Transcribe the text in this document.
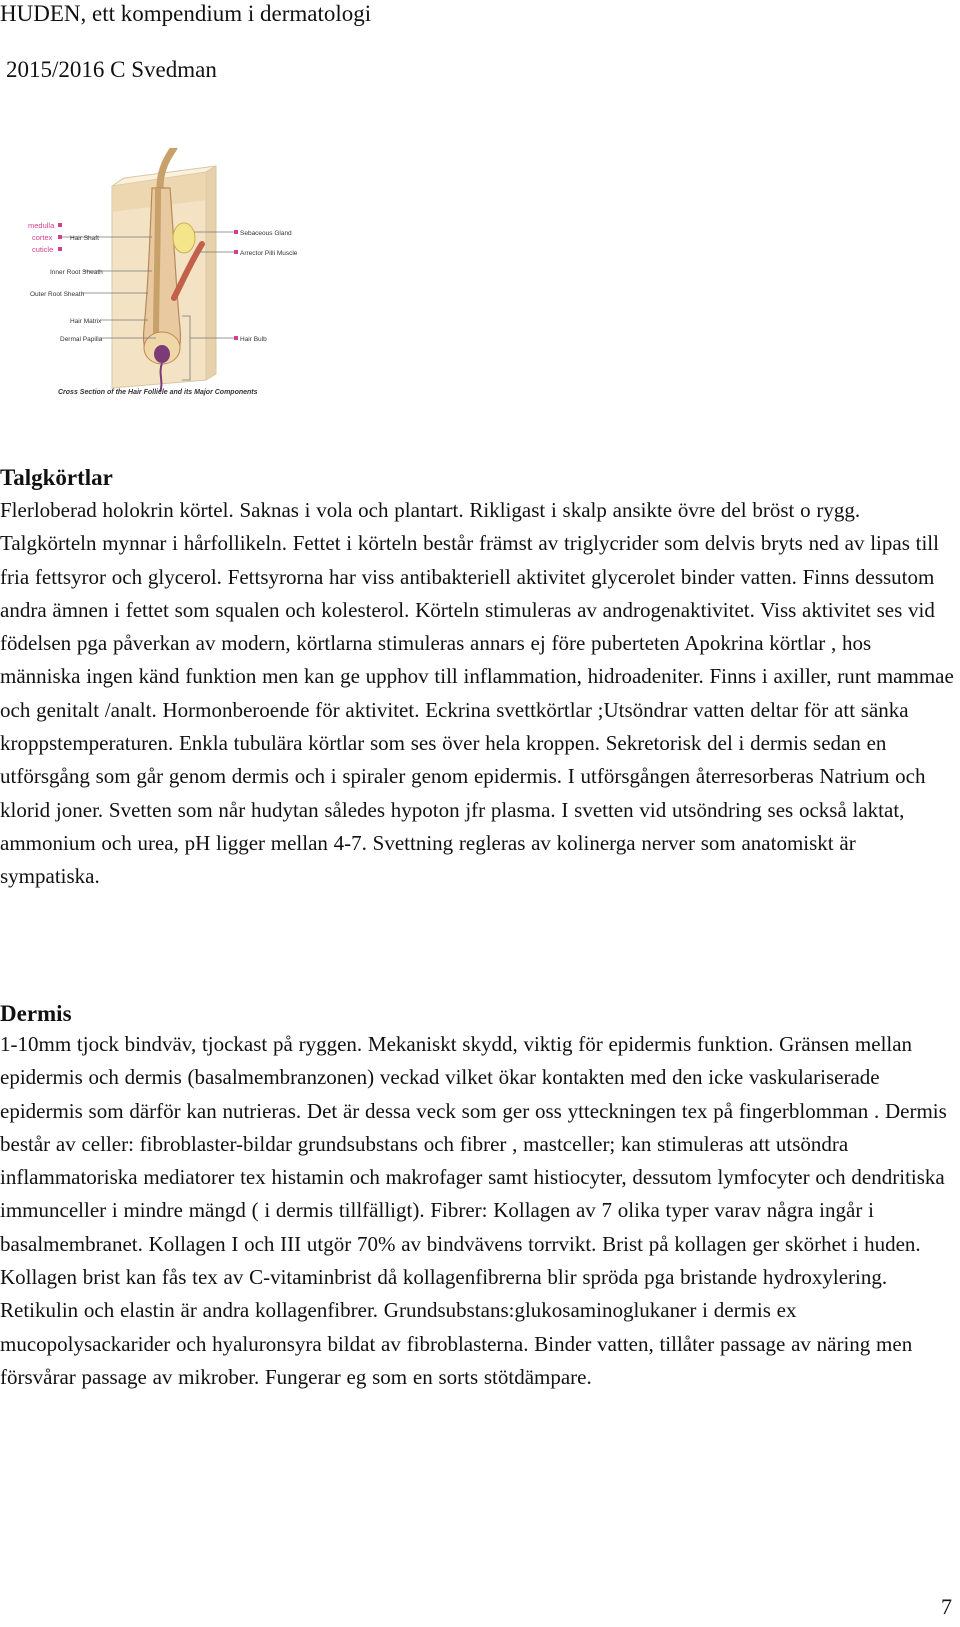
HUDEN, ett kompendium i dermatologi
2015/2016 C Svedman
medulla
cortex
cuticle
Hair Shaft
Inner Root Sheath
Outer Root Sheath
Hair Matrix
Dermal Papilla
Sebaceous Gland
Arrector Pilli Muscle
Hair Bulb
Cross Section of the Hair Follicle and its Major Components
Talgkörtlar
Flerloberad holokrin körtel. Saknas i vola och plantart. Rikligast i skalp ansikte övre del bröst o rygg. Talgkörteln mynnar i hårfollikeln. Fettet i körteln består främst av triglycrider som delvis bryts ned av lipas till fria fettsyror och glycerol. Fettsyrorna har viss antibakteriell aktivitet glycerolet binder vatten. Finns dessutom andra ämnen i fettet som squalen och kolesterol. Körteln stimuleras av androgenaktivitet. Viss aktivitet ses vid födelsen pga påverkan av modern, körtlarna stimuleras annars ej före puberteten Apokrina körtlar , hos människa ingen känd funktion men kan ge upphov till inflammation, hidroadeniter. Finns i axiller, runt mammae och genitalt /analt. Hormonberoende för aktivitet. Eckrina svettkörtlar ;Utsöndrar vatten deltar för att sänka kroppstemperaturen. Enkla tubulära körtlar som ses över hela kroppen. Sekretorisk del i dermis sedan en utförsgång som går genom dermis och i spiraler genom epidermis. I utförsgången återresorberas Natrium och klorid joner. Svetten som når hudytan således hypoton jfr plasma. I svetten vid utsöndring ses också laktat, ammonium och urea, pH ligger mellan 4-7. Svettning regleras av kolinerga nerver som anatomiskt är sympatiska.
Dermis
1-10mm tjock bindväv, tjockast på ryggen. Mekaniskt skydd, viktig för epidermis funktion. Gränsen mellan epidermis och dermis (basalmembranzonen) veckad vilket ökar kontakten med den icke vaskulariserade epidermis som därför kan nutrieras. Det är dessa veck som ger oss ytteckningen tex på fingerblomman . Dermis består av celler: fibroblaster-bildar grundsubstans och fibrer , mastceller; kan stimuleras att utsöndra inflammatoriska mediatorer tex histamin och makrofager samt histiocyter, dessutom lymfocyter och dendritiska immunceller i mindre mängd ( i dermis tillfälligt). Fibrer: Kollagen av 7 olika typer varav några ingår i basalmembranet. Kollagen I och III utgör 70% av bindvävens torrvikt. Brist på kollagen ger skörhet i huden. Kollagen brist kan fås tex av C-vitaminbrist då kollagenfibrerna blir spröda pga bristande hydroxylering. Retikulin och elastin är andra kollagenfibrer. Grundsubstans:glukosaminoglukaner i dermis ex mucopolysackarider och hyaluronsyra bildat av fibroblasterna. Binder vatten, tillåter passage av näring men försvårar passage av mikrober. Fungerar eg som en sorts stötdämpare.
7
